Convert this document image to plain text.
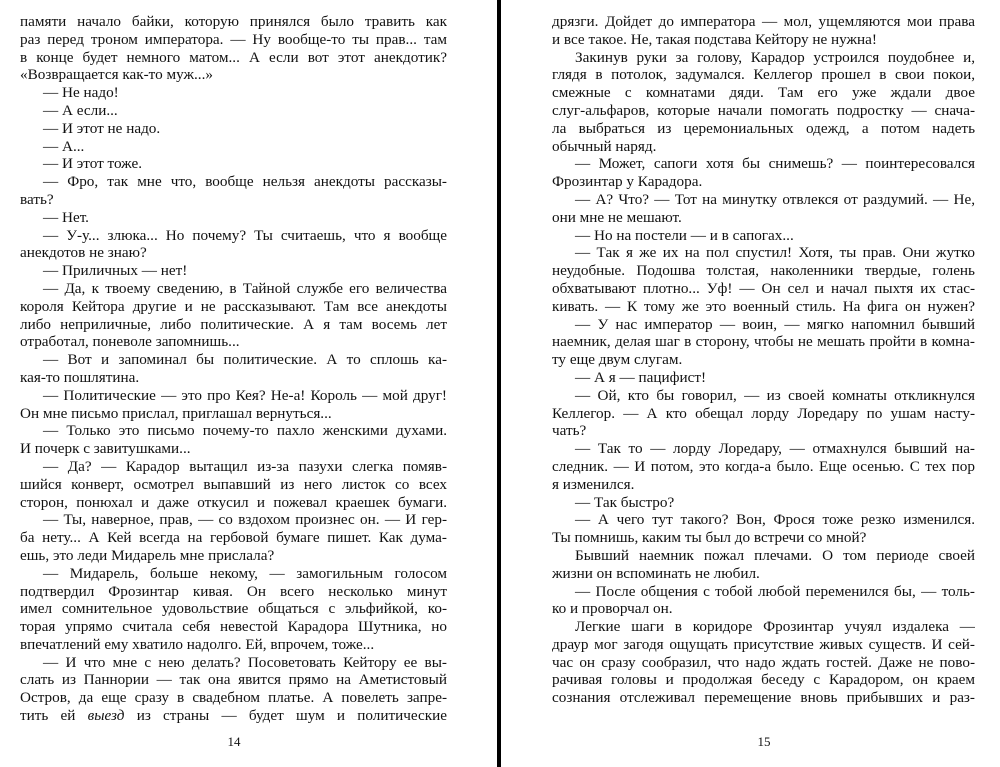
памяти начало байки, которую принялся было травить как
раз перед троном императора. — Ну вообще-то ты прав... там
в конце будет немного матом... А если вот этот анекдотик?
«Возвращается как-то муж...»
— Не надо!
— А если...
— И этот не надо.
— А...
— И этот тоже.
— Фро, так мне что, вообще нельзя анекдоты рассказы-
вать?
— Нет.
— У-у... злюка... Но почему? Ты считаешь, что я вообще
анекдотов не знаю?
— Приличных — нет!
— Да, к твоему сведению, в Тайной службе его величества
короля Кейтора другие и не рассказывают. Там все анекдоты
либо неприличные, либо политические. А я там восемь лет
отработал, поневоле запомнишь...
— Вот и запоминал бы политические. А то сплошь ка-
кая-то пошлятина.
— Политические — это про Кея? Не-а! Король — мой друг!
Он мне письмо прислал, приглашал вернуться...
— Только это письмо почему-то пахло женскими духами.
И почерк с завитушками...
— Да? — Карадор вытащил из-за пазухи слегка помяв-
шийся конверт, осмотрел выпавший из него листок со всех
сторон, понюхал и даже откусил и пожевал краешек бумаги.
— Ты, наверное, прав, — со вздохом произнес он. — И гер-
ба нету... А Кей всегда на гербовой бумаге пишет. Как дума-
ешь, это леди Мидарель мне прислала?
— Мидарель, больше некому, — замогильным голосом
подтвердил Фрозинтар кивая. Он всего несколько минут
имел сомнительное удовольствие общаться с эльфийкой, ко-
торая упрямо считала себя невестой Карадора Шутника, но
впечатлений ему хватило надолго. Ей, впрочем, тоже...
— И что мне с нею делать? Посоветовать Кейтору ее вы-
слать из Паннории — так она явится прямо на Аметистовый
Остров, да еще сразу в свадебном платье. А повелеть запре-
тить ей выезд из страны — будет шум и политические
14
дрязги. Дойдет до императора — мол, ущемляются мои права
и все такое. Не, такая подстава Кейтору не нужна!
Закинув руки за голову, Карадор устроился поудобнее и,
глядя в потолок, задумался. Келлегор прошел в свои покои,
смежные с комнатами дяди. Там его уже ждали двое
слуг-альфаров, которые начали помогать подростку — снача-
ла выбраться из церемониальных одежд, а потом надеть
обычный наряд.
— Может, сапоги хотя бы снимешь? — поинтересовался
Фрозинтар у Карадора.
— А? Что? — Тот на минутку отвлекся от раздумий. — Не,
они мне не мешают.
— Но на постели — и в сапогах...
— Так я же их на пол спустил! Хотя, ты прав. Они жутко
неудобные. Подошва толстая, наколенники твердые, голень
обхватывают плотно... Уф! — Он сел и начал пыхтя их стас-
кивать. — К тому же это военный стиль. На фига он нужен?
— У нас император — воин, — мягко напомнил бывший
наемник, делая шаг в сторону, чтобы не мешать пройти в комна-
ту еще двум слугам.
— А я — пацифист!
— Ой, кто бы говорил, — из своей комнаты откликнулся
Келлегор. — А кто обещал лорду Лоредару по ушам насту-
чать?
— Так то — лорду Лоредару, — отмахнулся бывший на-
следник. — И потом, это когда-а было. Еще осенью. С тех пор
я изменился.
— Так быстро?
— А чего тут такого? Вон, Фрося тоже резко изменился.
Ты помнишь, каким ты был до встречи со мной?
Бывший наемник пожал плечами. О том периоде своей
жизни он вспоминать не любил.
— После общения с тобой любой переменился бы, — толь-
ко и проворчал он.
Легкие шаги в коридоре Фрозинтар учуял издалека —
драур мог загодя ощущать присутствие живых существ. И сей-
час он сразу сообразил, что надо ждать гостей. Даже не пово-
рачивая головы и продолжая беседу с Карадором, он краем
сознания отслеживал перемещение вновь прибывших и раз-
15
